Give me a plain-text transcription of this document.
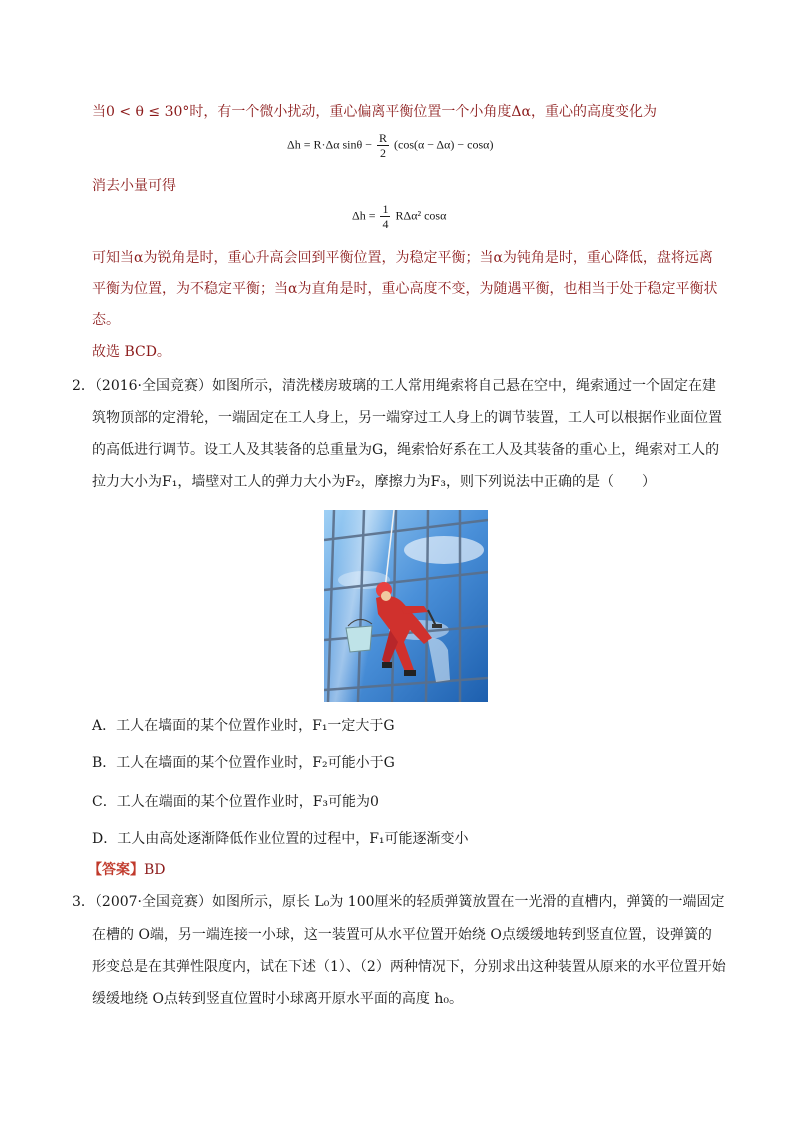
当0 < θ ≤ 30°时，有一个微小扰动，重心偏离平衡位置一个小角度Δα，重心的高度变化为
Δh = R·Δα $\sin\theta - \frac{R}{2} (\cos(\alpha - \Delta\alpha) - \cos\alpha)$
消去小量可得
$\Delta h = \frac{1}{4} R\Delta\alpha^2$ cosα
可知当α为锐角是时，重心升高会回到平衡位置，为稳定平衡；当α为钝角是时，重心降低，盘将远离
平衡为位置，为不稳定平衡；当α为直角是时，重心高度不变，为随遇平衡，也相当于处于稳定平衡状
态。
故选 BCD。
2．（2016·全国竞赛）如图所示，清洗楼房玻璃的工人常用绳索将自己悬在空中，绳索通过一个固定在建
筑物顶部的定滑轮，一端固定在工人身上，另一端穿过工人身上的调节装置，工人可以根据作业面位置
的高低进行调节。设工人及其装备的总重量为G，绳索恰好系在工人及其装备的重心上，绳索对工人的
拉力大小为F₁，墙壁对工人的弹力大小为F₂，摩擦力为F₃，则下列说法中正确的是（　　）
A．工人在墙面的某个位置作业时，F₁一定大于G
B．工人在墙面的某个位置作业时，F₂可能小于G
C．工人在端面的某个位置作业时，F₃可能为0
D．工人由高处逐渐降低作业位置的过程中，F₁可能逐渐变小
【答案】BD
3．（2007·全国竞赛）如图所示，原长 L₀为 100厘米的轻质弹簧放置在一光滑的直槽内，弹簧的一端固定
在槽的 O端，另一端连接一小球，这一装置可从水平位置开始绕 O点缓缓地转到竖直位置，设弹簧的
形变总是在其弹性限度内，试在下述（1）、（2）两种情况下，分别求出这种装置从原来的水平位置开始
缓缓地绕 O点转到竖直位置时小球离开原水平面的高度 h₀。
